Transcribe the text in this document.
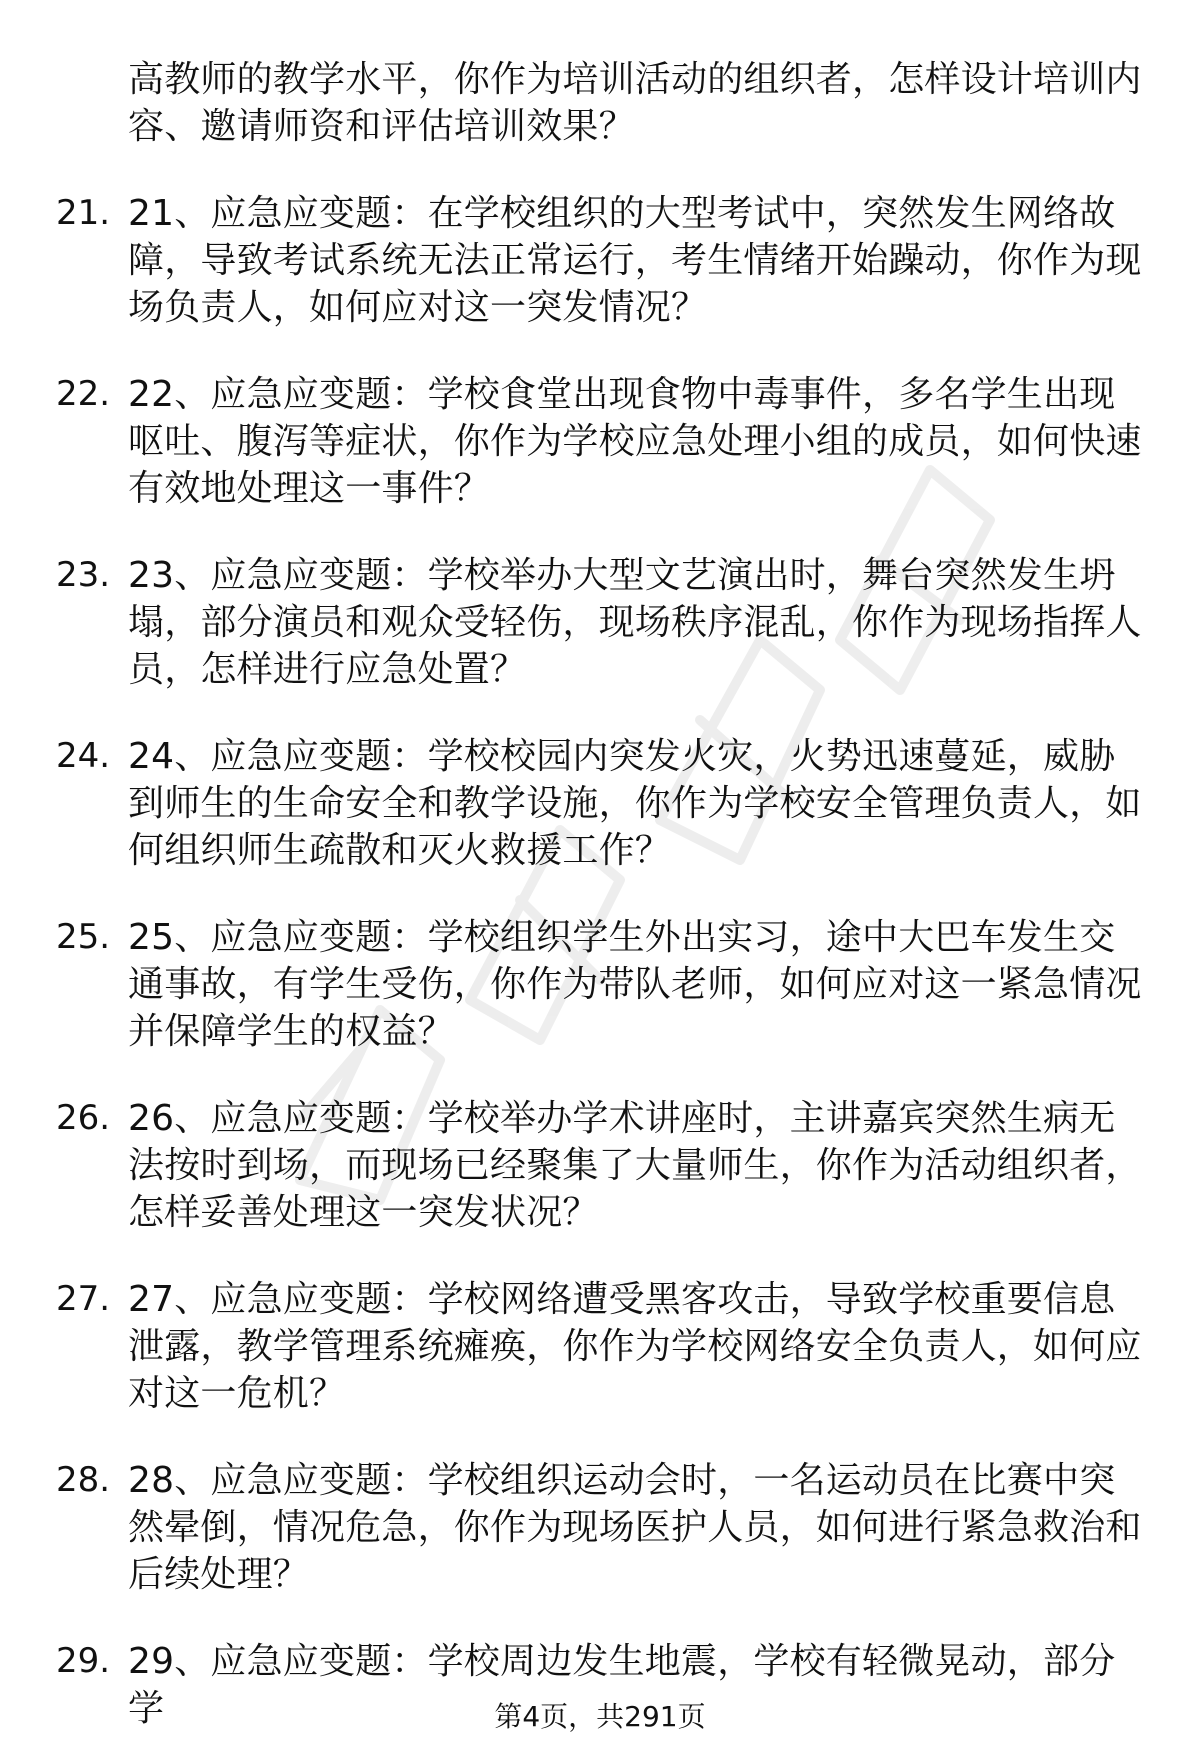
高教师的教学水平，你作为培训活动的组织者，怎样设计培训内容、邀请师资和评估培训效果？
21. 21、应急应变题：在学校组织的大型考试中，突然发生网络故障，导致考试系统无法正常运行，考生情绪开始躁动，你作为现场负责人，如何应对这一突发情况？
22. 22、应急应变题：学校食堂出现食物中毒事件，多名学生出现呕吐、腹泻等症状，你作为学校应急处理小组的成员，如何快速有效地处理这一事件？
23. 23、应急应变题：学校举办大型文艺演出时，舞台突然发生坍塌，部分演员和观众受轻伤，现场秩序混乱，你作为现场指挥人员，怎样进行应急处置？
24. 24、应急应变题：学校校园内突发火灾，火势迅速蔓延，威胁到师生的生命安全和教学设施，你作为学校安全管理负责人，如何组织师生疏散和灭火救援工作？
25. 25、应急应变题：学校组织学生外出实习，途中大巴车发生交通事故，有学生受伤，你作为带队老师，如何应对这一紧急情况并保障学生的权益？
26. 26、应急应变题：学校举办学术讲座时，主讲嘉宾突然生病无法按时到场，而现场已经聚集了大量师生，你作为活动组织者，怎样妥善处理这一突发状况？
27. 27、应急应变题：学校网络遭受黑客攻击，导致学校重要信息泄露，教学管理系统瘫痪，你作为学校网络安全负责人，如何应对这一危机？
28. 28、应急应变题：学校组织运动会时，一名运动员在比赛中突然晕倒，情况危急，你作为现场医护人员，如何进行紧急救治和后续处理？
29. 29、应急应变题：学校周边发生地震，学校有轻微晃动，部分学	第4页，共291页
